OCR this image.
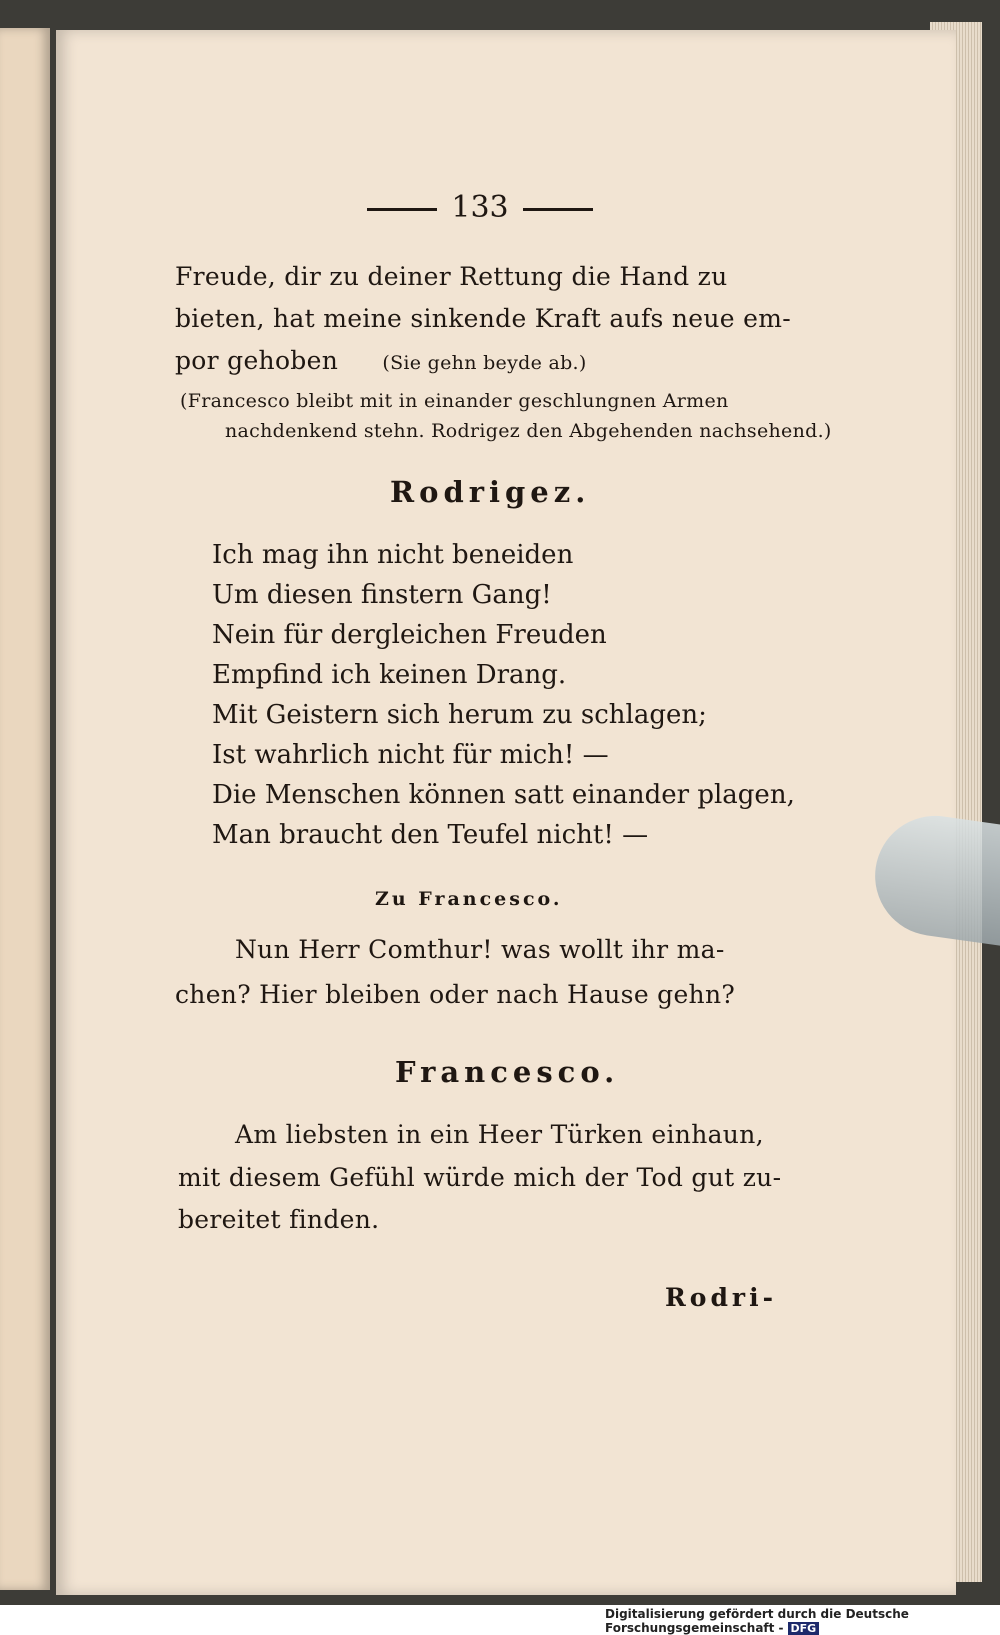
133
Freude, dir zu deiner Rettung die Hand zu
bieten, hat meine sinkende Kraft aufs neue em-
por gehoben (Sie gehn beyde ab.)
(Francesco bleibt mit in einander geschlungnen Armen
nachdenkend stehn. Rodrigez den Abgehenden nachsehend.)
Rodrigez.
Ich mag ihn nicht beneiden
Um diesen finstern Gang!
Nein für dergleichen Freuden
Empfind ich keinen Drang.
Mit Geistern sich herum zu schlagen;
Ist wahrlich nicht für mich! —
Die Menschen können satt einander plagen,
Man braucht den Teufel nicht! —
Zu Francesco.
Nun Herr Comthur! was wollt ihr ma-
chen? Hier bleiben oder nach Hause gehn?
Francesco.
Am liebsten in ein Heer Türken einhaun,
mit diesem Gefühl würde mich der Tod gut zu-
bereitet finden.
Rodri-
Digitalisierung gefördert durch die Deutsche Forschungsgemeinschaft - DFG
